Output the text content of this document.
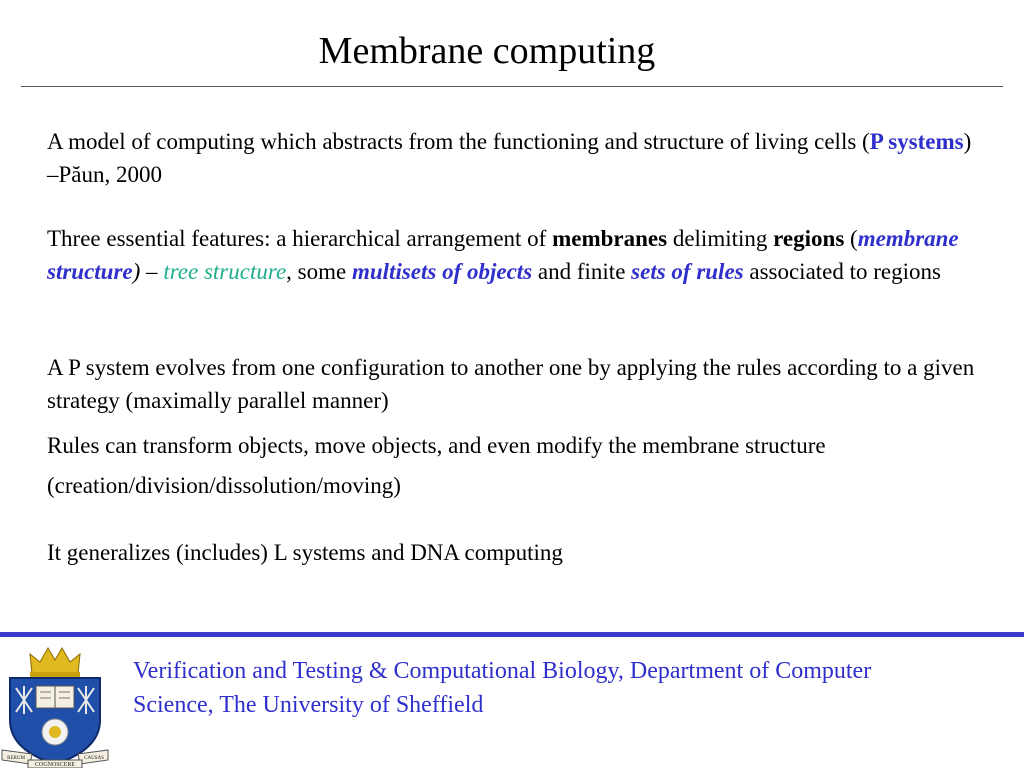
Membrane computing

A model of computing which abstracts from the functioning and structure of living cells (P systems) –Păun, 2000

Three essential features: a hierarchical arrangement of membranes delimiting regions (membrane structure) – tree structure, some multisets of objects and finite sets of rules associated to regions

A P system evolves from one configuration to another one by applying the rules according to a given strategy (maximally parallel manner)

Rules can transform objects, move objects, and even modify the membrane structure (creation/division/dissolution/moving)

It generalizes (includes) L systems and DNA computing

RERUM
COGNOSCERE
CAUSAS

Verification and Testing & Computational Biology, Department of Computer Science, The University of Sheffield
